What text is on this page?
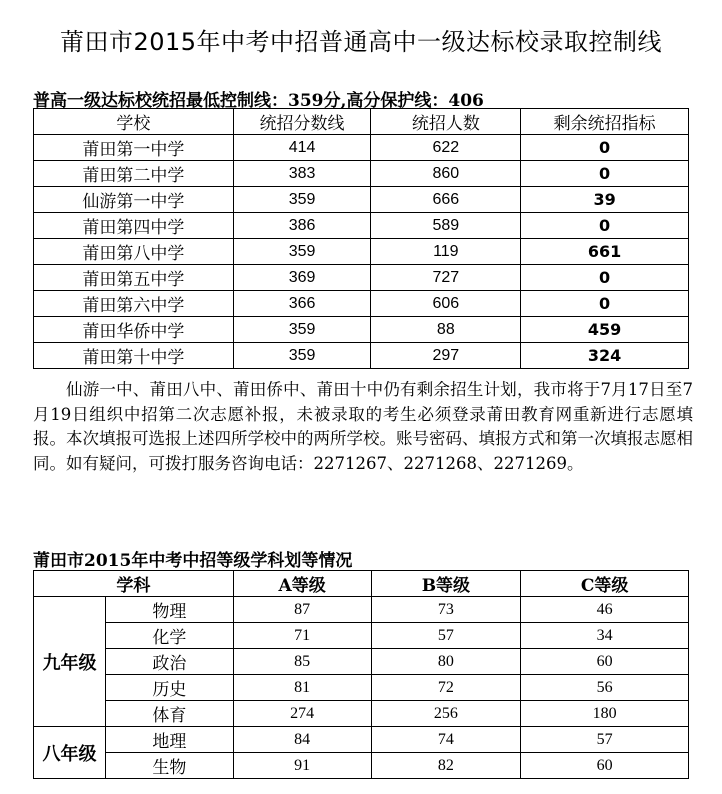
莆田市2015年中考中招普通高中一级达标校录取控制线
普高一级达标校统招最低控制线：359分,高分保护线：406
学校	统招分数线	统招人数	剩余统招指标
莆田第一中学	414	622	0
莆田第二中学	383	860	0
仙游第一中学	359	666	39
莆田第四中学	386	589	0
莆田第八中学	359	119	661
莆田第五中学	369	727	0
莆田第六中学	366	606	0
莆田华侨中学	359	88	459
莆田第十中学	359	297	324
仙游一中、莆田八中、莆田侨中、莆田十中仍有剩余招生计划，我市将于7月17日至7月19日组织中招第二次志愿补报，未被录取的考生必须登录莆田教育网重新进行志愿填报。本次填报可选报上述四所学校中的两所学校。账号密码、填报方式和第一次填报志愿相同。如有疑问，可拨打服务咨询电话：2271267、2271268、2271269。
莆田市2015年中考中招等级学科划等情况
学科		A等级	B等级	C等级
九年级	物理	87	73	46
	化学	71	57	34
	政治	85	80	60
	历史	81	72	56
	体育	274	256	180
八年级	地理	84	74	57
	生物	91	82	60
